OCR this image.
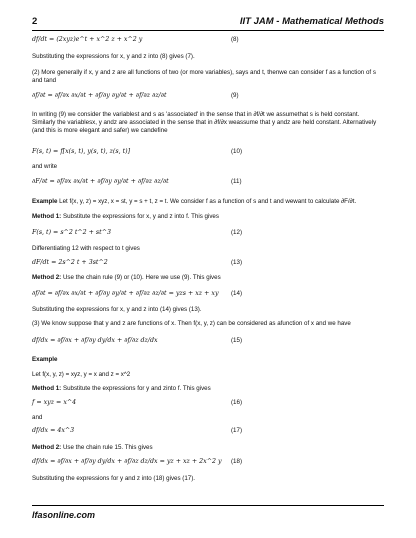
2	IIT JAM - Mathematical Methods
df/dt = (2xyz)e^t + x^2 z + x^2 y	(8)
Substituting the expressions for x, y and z into (8) gives (7).
(2) More generally if x, y and z are all functions of two (or more variables), says and t, thenwe can consider f as a function of s and tand
∂f/∂t = ∂f/∂x ∂x/∂t + ∂f/∂y ∂y/∂t + ∂f/∂z ∂z/∂t	(9)
In writing (9) we consider the variablest and s as 'associated' in the sense that in ∂f/∂t we assumethat s is held constant. Similarly the variablesx, y andz are associated in the sense that in ∂f/∂x weassume that y andz are held constant. Alternatively (and this is more elegant and safer) we candefine
F(s, t) = f[x(s, t), y(s, t), z(s, t)]	(10)
and write
∂F/∂t = ∂f/∂x ∂x/∂t + ∂f/∂y ∂y/∂t + ∂f/∂z ∂z/∂t	(11)
Example Let f(x, y, z) = xyz, x = st, y = s + t, z = t. We consider f as a function of s and t and wewant to calculate ∂F/∂t.
Method 1: Substitute the expressions for x, y and z into f. This gives
F(s, t) = s^2 t^2 + st^3	(12)
Differentiating 12 with respect to t gives
dF/dt = 2s^2 t + 3st^2	(13)
Method 2: Use the chain rule (9) or (10). Here we use (9). This gives
∂f/∂t = ∂f/∂x ∂x/∂t + ∂f/∂y ∂y/∂t + ∂f/∂z ∂z/∂t = yzs + xz + xy	(14)
Substituting the expressions for x, y and z into (14) gives (13).
(3) We know suppose that y and z are functions of x. Then f(x, y, z) can be considered as afunction of x and we have
df/dx = ∂f/∂x + ∂f/∂y dy/dx + ∂f/∂z dz/dx	(15)
Example
Let f(x, y, z) = xyz, y = x and z = x^2
Method 1: Substitute the expressions for y and zinto f. This gives
f = xyz = x^4	(16)
and
df/dx = 4x^3	(17)
Method 2: Use the chain rule 15. This gives
df/dx = ∂f/∂x + ∂f/∂y dy/dx + ∂f/∂z dz/dx = yz + xz + 2x^2 y	(18)
Substituting the expressions for y and z into (18) gives (17).
lfasonline.com
